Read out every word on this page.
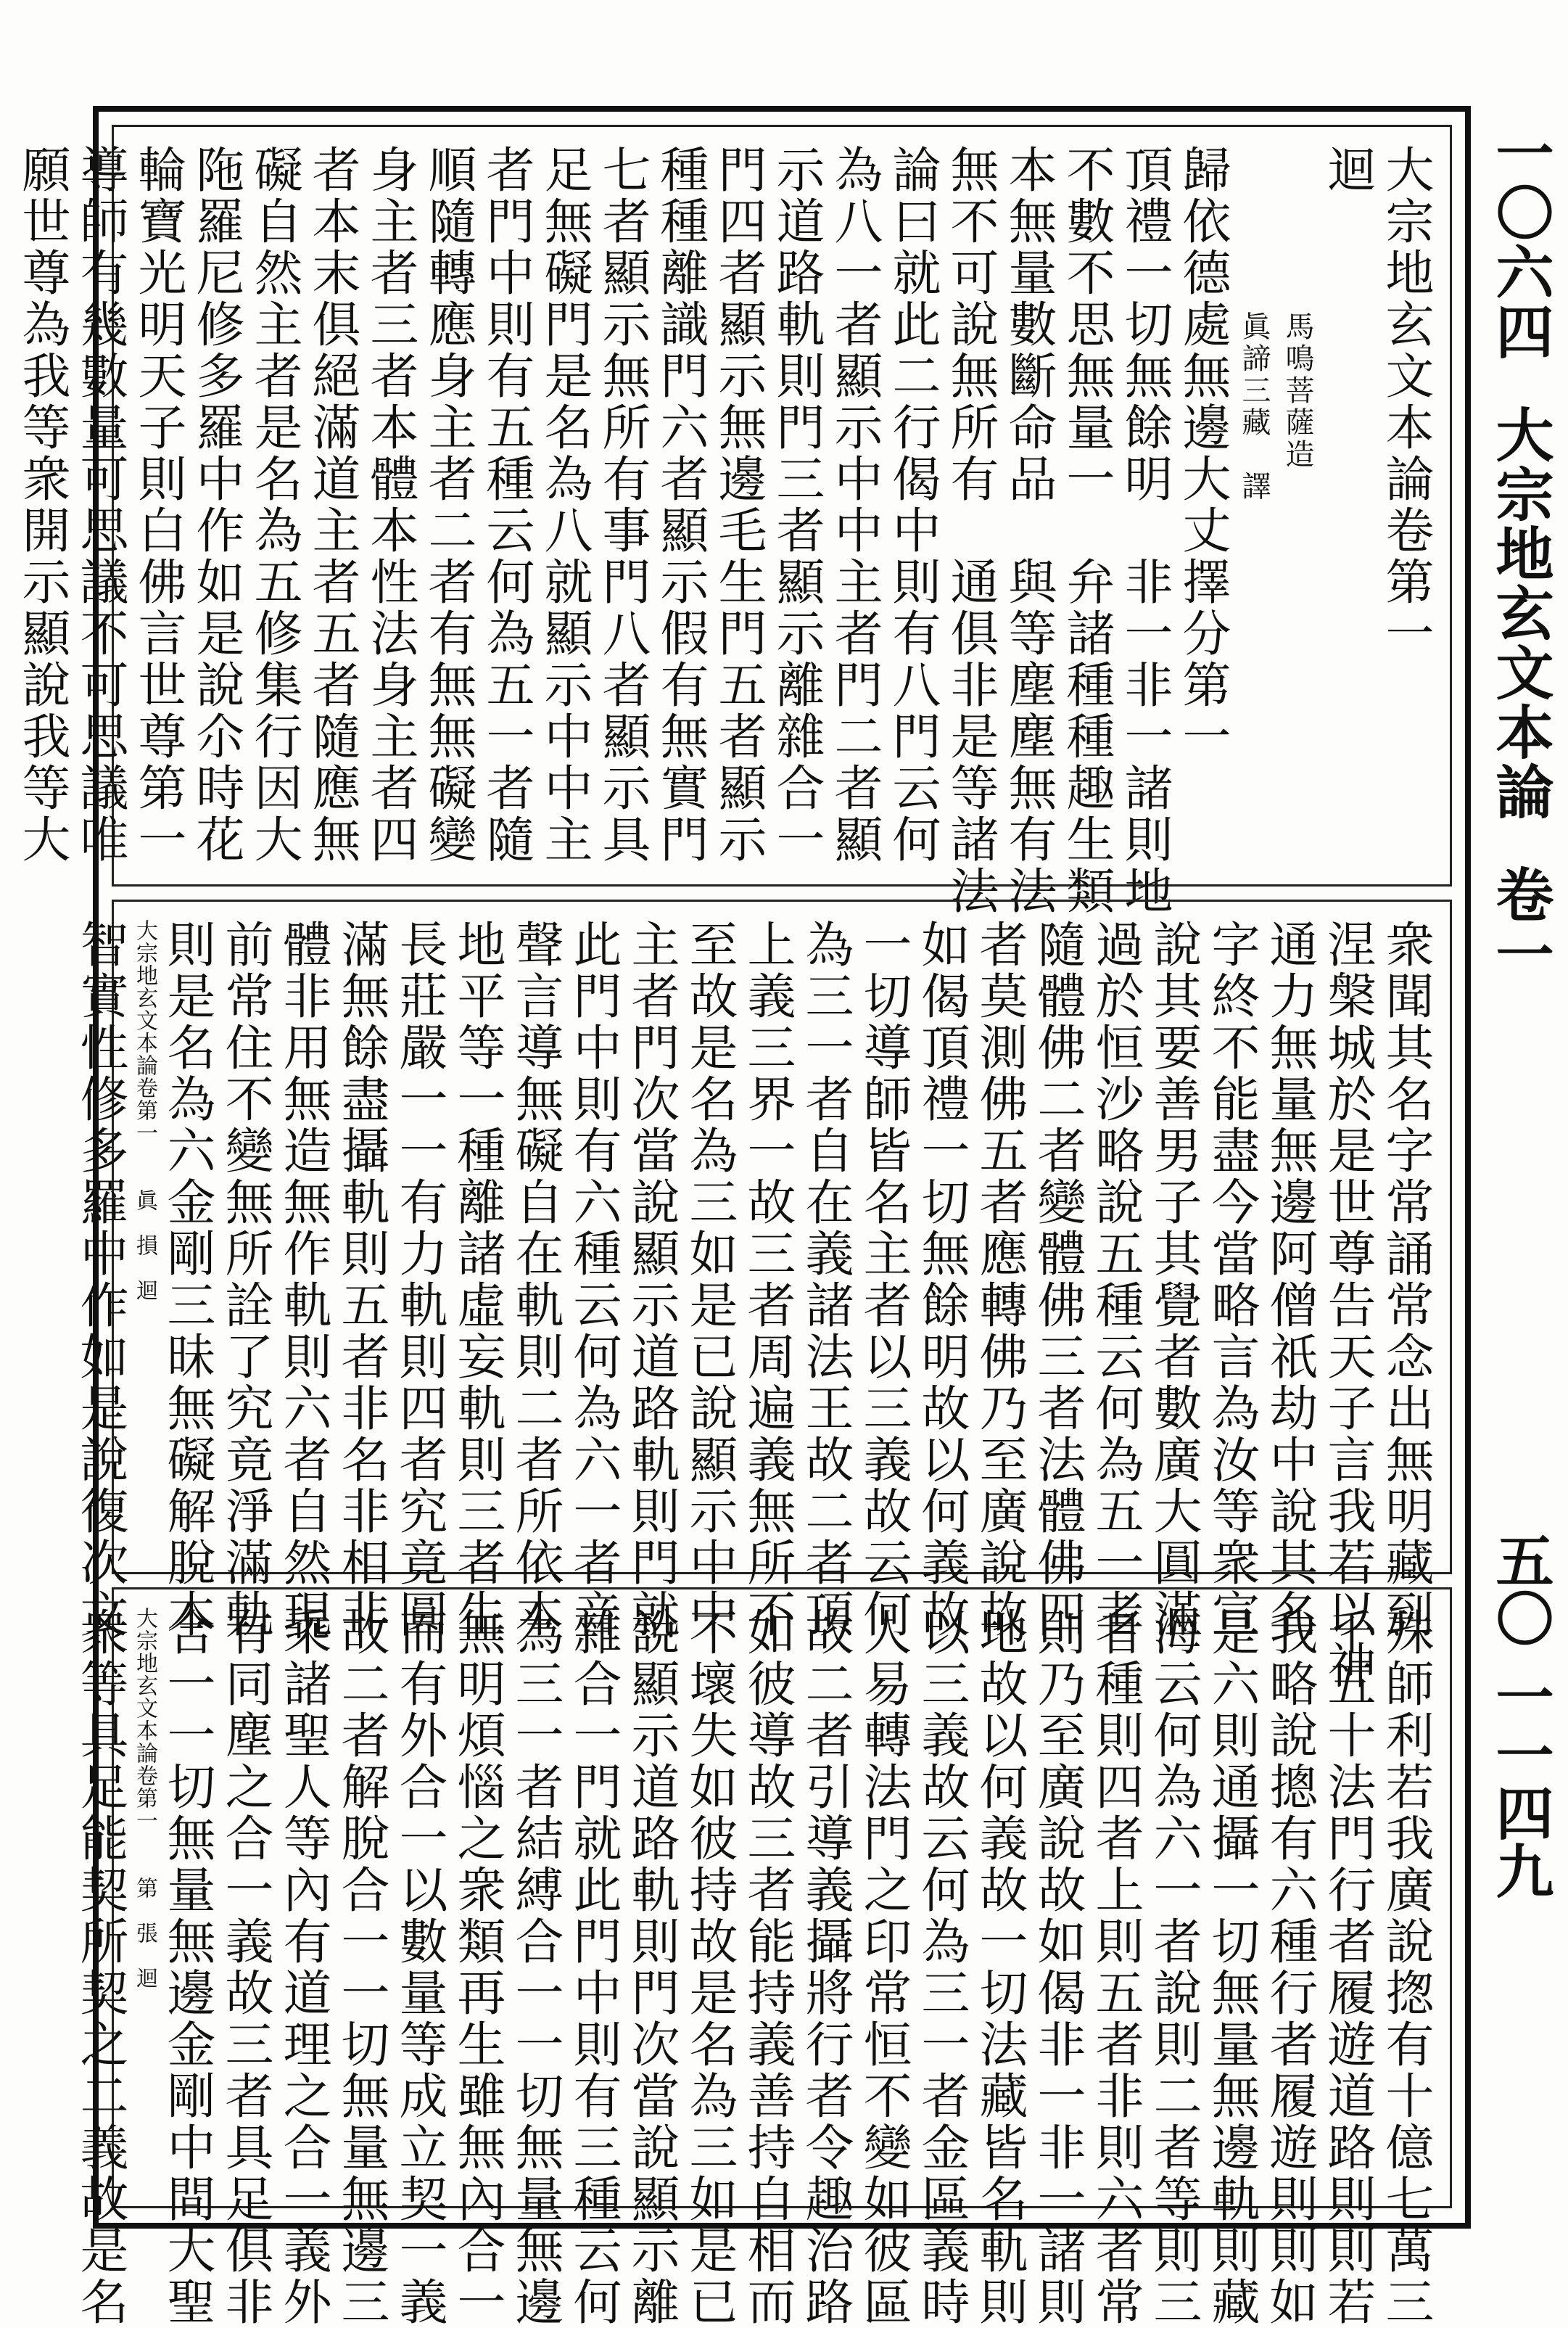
一〇六四大宗地玄文本論卷一
五〇 一一四九
大宗地玄文本論卷第一
迴
馬鳴菩薩造
眞諦三藏　譯
歸依德處無邊大丈擇分第一
頂禮一切無餘明　非一非一諸則地
不數不思無量一　弁諸種種趣生類
本無量數斷命品　與等塵塵無有法
無不可說無所有　通俱非是等諸法
論曰就此二行偈中則有八門云何
為八一者顯示中中主者門二者顯
示道路軌則門三者顯示離雜合一
門四者顯示無邊毛生門五者顯示
種種離識門六者顯示假有無實門
七者顯示無所有事門八者顯示具
足無礙門是名為八就顯示中中主
者門中則有五種云何為五一者隨
順隨轉應身主者二者有無無礙變
身主者三者本體本性法身主者四
者本末俱絕滿道主者五者隨應無
礙自然主者是名為五修集行因大
陁羅尼修多羅中作如是說尒時花
輪寶光明天子則白佛言世尊第一
導師有幾數量可思議不可思議唯
願世尊為我等衆開示顯說我等大
衆聞其名字常誦常念出無明藏到
涅槃城於是世尊告天子言我若以神
通力無量無邊阿僧祇劫中說其名
字終不能盡今當略言為汝等衆宣
說其要善男子其覺者數廣大圓滿
過於恒沙略說五種云何為五一者
隨體佛二者變體佛三者法體佛四
者莫測佛五者應轉佛乃至廣說故
如偈頂禮一切無餘明故以何義故
一切導師皆名主者以三義故云何
為三一者自在義諸法王故二者頂
上義三界一故三者周遍義無所不
至故是名為三如是已說顯示中中
主者門次當說顯示道路軌則門就
此門中則有六種云何為六一者音
聲言導無礙自在軌則二者所依本
地平等一種離諸虛妄軌則三者生
長莊嚴一一有力軌則四者究竟圓
滿無餘盡攝軌則五者非名非相非
體非用無造無作軌則六者自然現
前常住不變無所詮了究竟淨滿軌
則是名為六金剛三昧無礙解脫本
大宗地玄文本論卷第一　　眞　損　迴
智實性修多羅中作如是說復次文
殊師利若我廣說揔有十億七萬三
千五十法門行者履遊道路則則若
我略說摠有六種行者履遊則則如
是六則通攝一切無量無邊軌則藏
海云何為六一者說則二者等則三
者種則四者上則五者非則六者常
則乃至廣說故如偈非一非一諸則
地故以何義故一切法藏皆名軌則
以三義故云何為三一者金區義時
人易轉法門之印常恒不變如彼區
故二者引導義攝將行者令趣治路
如彼導故三者能持義善持自相而
不壞失如彼持故是名為三如是已
說顯示道路軌則門次當說顯示離
雜合一門就此門中則有三種云何
為三一者結縛合一一切無量無邊
無明煩惱之衆類再生雖無內合一
而有外合一以數量等成立契一義
故二者解脫合一一切無量無邊三
乘諸聖人等內有道理之合一義外
有同塵之合一義故三者具足俱非
合一一切無量無邊金剛中間大聖
大宗地玄文本論卷第一　　第　張　迴
衆等具足能契所契之二義故是名
